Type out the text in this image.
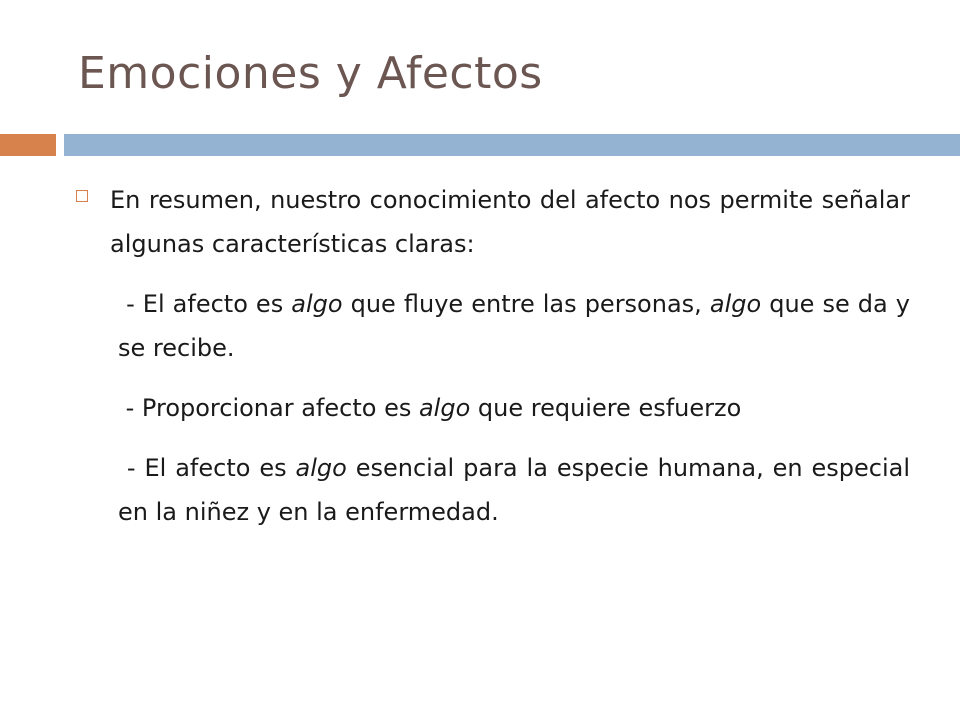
Emociones y Afectos

En resumen, nuestro conocimiento del afecto nos permite señalar algunas características claras:

- El afecto es algo que fluye entre las personas, algo que se da y se recibe.

- Proporcionar afecto es algo que requiere esfuerzo

- El afecto es algo esencial para la especie humana, en especial en la niñez y en la enfermedad.
